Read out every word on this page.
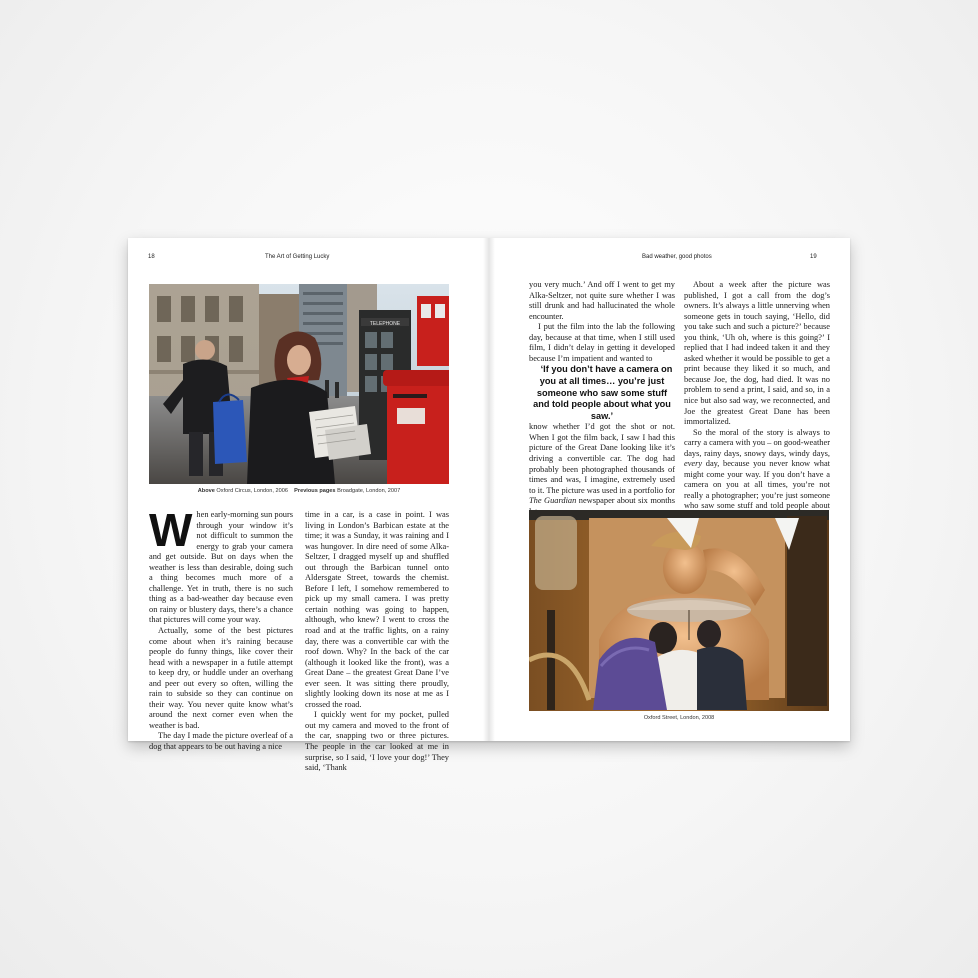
18	The Art of Getting Lucky
TELEPHONE
Above Oxford Circus, London, 2006 Previous pages Broadgate, London, 2007

When early-morning sun pours through your window it’s not difficult to summon the energy to grab your camera and get outside. But on days when the weather is less than desirable, doing such a thing becomes much more of a challenge. Yet in truth, there is no such thing as a bad-weather day because even on rainy or blustery days, there’s a chance that pictures will come your way.

Actually, some of the best pictures come about when it’s raining because people do funny things, like cover their head with a newspaper in a futile attempt to keep dry, or huddle under an overhang and peer out every so often, willing the rain to subside so they can continue on their way. You never quite know what’s around the next corner even when the weather is bad.

The day I made the picture overleaf of a dog that appears to be out having a nice

time in a car, is a case in point. I was living in London’s Barbican estate at the time; it was a Sunday, it was raining and I was hungover. In dire need of some Alka-Seltzer, I dragged myself up and shuffled out through the Barbican tunnel onto Aldersgate Street, towards the chemist. Before I left, I somehow remembered to pick up my small camera. I was pretty certain nothing was going to happen, although, who knew? I went to cross the road and at the traffic lights, on a rainy day, there was a convertible car with the roof down. Why? In the back of the car (although it looked like the front), was a Great Dane – the greatest Great Dane I’ve ever seen. It was sitting there proudly, slightly looking down its nose at me as I crossed the road.

I quickly went for my pocket, pulled out my camera and moved to the front of the car, snapping two or three pictures. The people in the car looked at me in surprise, so I said, ‘I love your dog!’ They said, ‘Thank

Bad weather, good photos	19

you very much.’ And off I went to get my Alka-Seltzer, not quite sure whether I was still drunk and had hallucinated the whole encounter.

I put the film into the lab the following day, because at that time, when I still used film, I didn’t delay in getting it developed because I’m impatient and wanted to

‘If you don’t have a camera on you at all times… you’re just someone who saw some stuff and told people about what you saw.’

know whether I’d got the shot or not. When I got the film back, I saw I had this picture of the Great Dane looking like it’s driving a convertible car. The dog had probably been photographed thousands of times and was, I imagine, extremely used to it. The picture was used in a portfolio for The Guardian newspaper about six months

About a week after the picture was published, I got a call from the dog’s owners. It’s always a little unnerving when someone gets in touch saying, ‘Hello, did you take such and such a picture?’ because you think, ‘Uh oh, where is this going?’ I replied that I had indeed taken it and they asked whether it would be possible to get a print because they liked it so much, and because Joe, the dog, had died. It was no problem to send a print, I said, and so, in a nice but also sad way, we reconnected, and Joe the greatest Great Dane has been immortalized.

So the moral of the story is always to carry a camera with you – on good-weather days, rainy days, snowy days, windy days, every day, because you never know what might come your way. If you don’t have a camera on you at all times, you’re not really a photographer; you’re just someone who saw some stuff and told people about

Oxford Street, London, 2008
